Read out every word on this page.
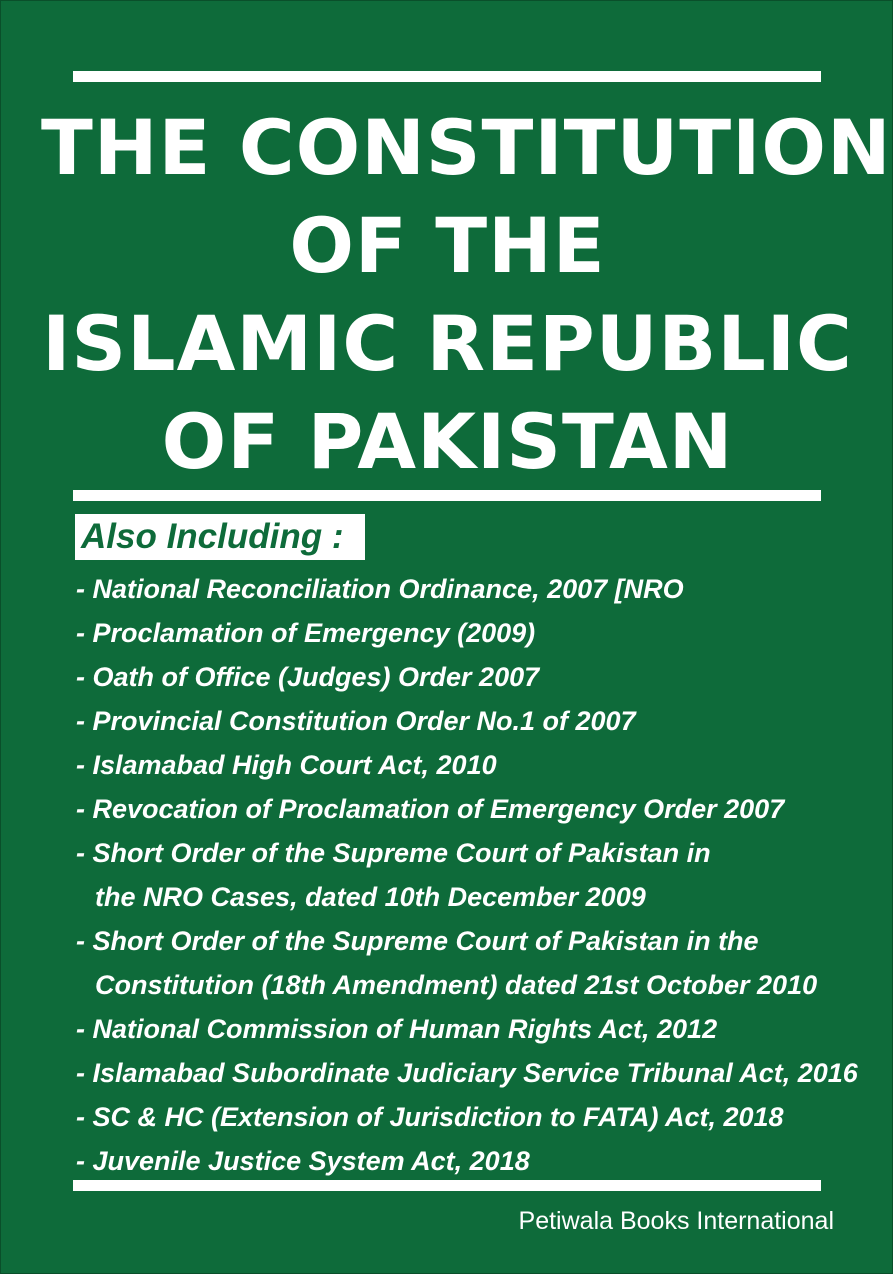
THE CONSTITUTION
OF THE
ISLAMIC REPUBLIC
OF PAKISTAN
Also Including :
- National Reconciliation Ordinance, 2007 [NRO
- Proclamation of Emergency (2009)
- Oath of Office (Judges) Order 2007
- Provincial Constitution Order No.1 of 2007
- Islamabad High Court Act, 2010
- Revocation of Proclamation of Emergency Order 2007
- Short Order of the Supreme Court of Pakistan in
the NRO Cases, dated 10th December 2009
- Short Order of the Supreme Court of Pakistan in the
Constitution (18th Amendment) dated 21st October 2010
- National Commission of Human Rights Act, 2012
- Islamabad Subordinate Judiciary Service Tribunal Act, 2016
- SC & HC (Extension of Jurisdiction to FATA) Act, 2018
- Juvenile Justice System Act, 2018
Petiwala Books International
